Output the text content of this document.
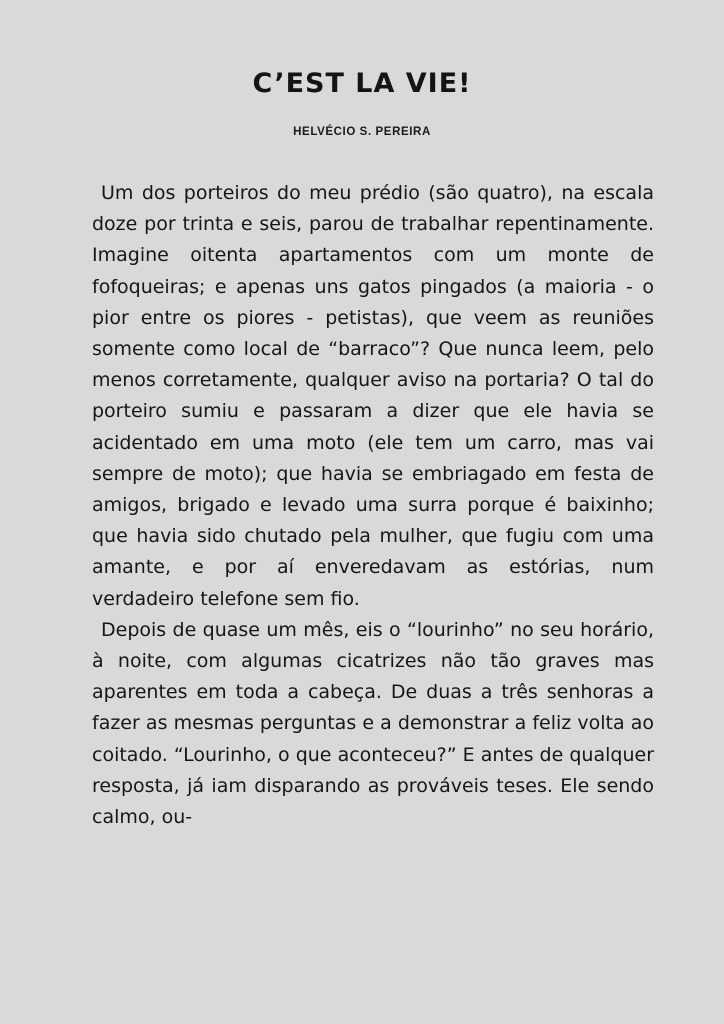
C’EST LA VIE!
HELVÉCIO S. PEREIRA

Um dos porteiros do meu prédio (são quatro), na escala doze por trinta e seis, parou de trabalhar repentinamente. Imagine oitenta apartamentos com um monte de fofoqueiras; e apenas uns gatos pingados (a maioria - o pior entre os piores - petistas), que veem as reuniões somente como local de “barraco”? Que nunca leem, pelo menos corretamente, qualquer aviso na portaria? O tal do porteiro sumiu e passaram a dizer que ele havia se acidentado em uma moto (ele tem um carro, mas vai sempre de moto); que havia se embriagado em festa de amigos, brigado e levado uma surra porque é baixinho; que havia sido chutado pela mulher, que fugiu com uma amante, e por aí enveredavam as estórias, num verdadeiro telefone sem fio.

Depois de quase um mês, eis o “lourinho” no seu horário, à noite, com algumas cicatrizes não tão graves mas aparentes em toda a cabeça. De duas a três senhoras a fazer as mesmas perguntas e a demonstrar a feliz volta ao coitado. “Lourinho, o que aconteceu?” E antes de qualquer resposta, já iam disparando as prováveis teses. Ele sendo calmo, ou-
